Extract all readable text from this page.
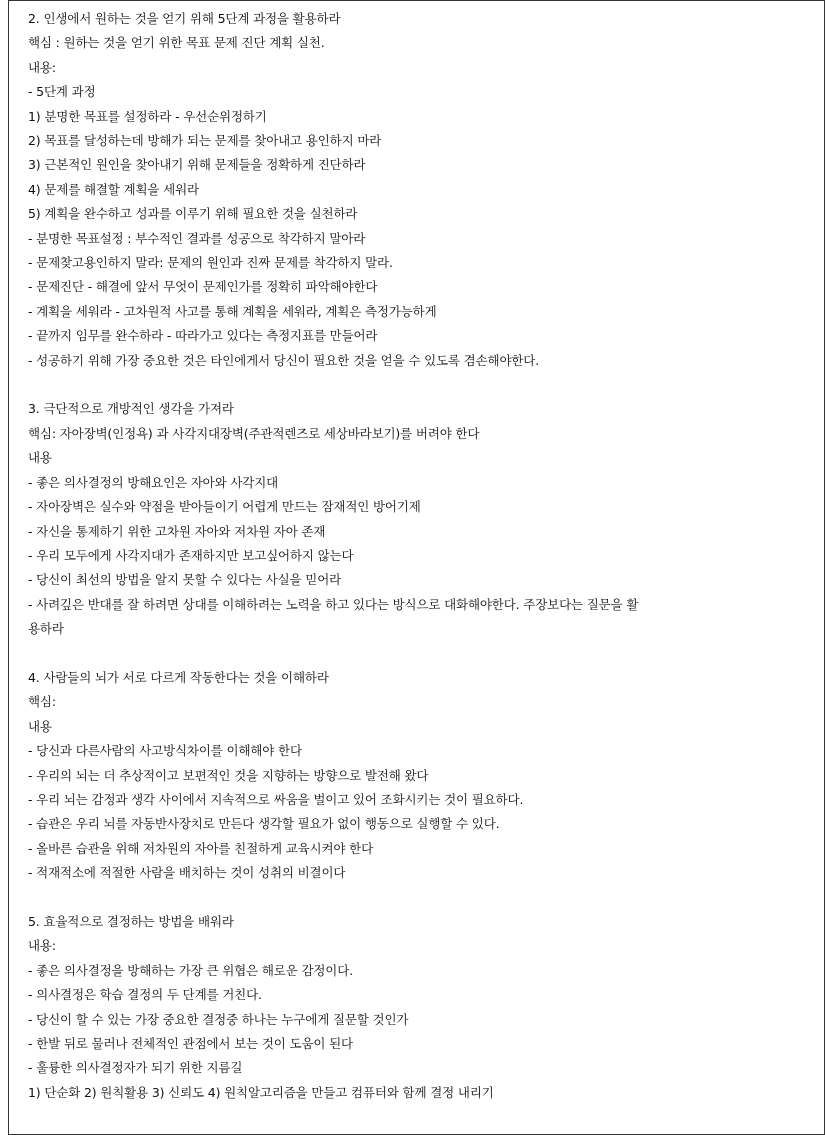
2. 인생에서 원하는 것을 얻기 위해 5단계 과정을 활용하라

핵심 : 원하는 것을 얻기 위한 목표 문제 진단 계획 실천.

내용:

- 5단계 과정

1) 분명한 목표를 설정하라 - 우선순위정하기

2) 목표를 달성하는데 방해가 되는 문제를 찾아내고 용인하지 마라

3) 근본적인 원인을 찾아내기 위해 문제들을 정확하게 진단하라

4) 문제를 해결할 계획을 세워라

5) 계획을 완수하고 성과를 이루기 위해 필요한 것을 실천하라

- 분명한 목표설정 : 부수적인 결과를 성공으로 착각하지 말아라

- 문제찾고용인하지 말라: 문제의 원인과 진짜 문제를 착각하지 말라.

- 문제진단 - 해결에 앞서 무엇이 문제인가를 정확히 파악해야한다

- 계획을 세워라 - 고차원적 사고를 통해 계획을 세워라, 계획은 측정가능하게

- 끝까지 임무를 완수하라 - 따라가고 있다는 측정지표를 만들어라

- 성공하기 위해 가장 중요한 것은 타인에게서 당신이 필요한 것을 얻을 수 있도록 겸손해야한다.

3. 극단적으로 개방적인 생각을 가져라

핵심: 자아장벽(인정욕) 과 사각지대장벽(주관적렌즈로 세상바라보기)를 버려야 한다

내용

- 좋은 의사결정의 방해요인은 자아와 사각지대

- 자아장벽은 실수와 약점을 받아들이기 어렵게 만드는 잠재적인 방어기제

- 자신을 통제하기 위한 고차원 자아와 저차원 자아 존재

- 우리 모두에게 사각지대가 존재하지만 보고싶어하지 않는다

- 당신이 최선의 방법을 알지 못할 수 있다는 사실을 믿어라

- 사려깊은 반대를 잘 하려면 상대를 이해하려는 노력을 하고 있다는 방식으로 대화해야한다. 주장보다는 질문을 활

용하라

4. 사람들의 뇌가 서로 다르게 작동한다는 것을 이해하라

핵심:

내용

- 당신과 다른사람의 사고방식차이를 이해해야 한다

- 우리의 뇌는 더 추상적이고 보편적인 것을 지향하는 방향으로 발전해 왔다

- 우리 뇌는 감정과 생각 사이에서 지속적으로 싸움을 벌이고 있어 조화시키는 것이 필요하다.

- 습관은 우리 뇌를 자동반사장치로 만든다 생각할 필요가 없이 행동으로 실행할 수 있다.

- 올바른 습관을 위해 저차원의 자아를 친절하게 교육시켜야 한다

- 적재적소에 적절한 사람을 배치하는 것이 성취의 비결이다

5. 효율적으로 결정하는 방법을 배워라

내용:

- 좋은 의사결정을 방해하는 가장 큰 위협은 해로운 감정이다.

- 의사결정은 학습 결정의 두 단계를 거친다.

- 당신이 할 수 있는 가장 중요한 결정중 하나는 누구에게 질문할 것인가

- 한발 뒤로 물러나 전체적인 관점에서 보는 것이 도움이 된다

- 훌륭한 의사결정자가 되기 위한 지름길

1) 단순화 2) 원칙활용 3) 신뢰도 4) 원칙알고리즘을 만들고 컴퓨터와 함께 결정 내리기
